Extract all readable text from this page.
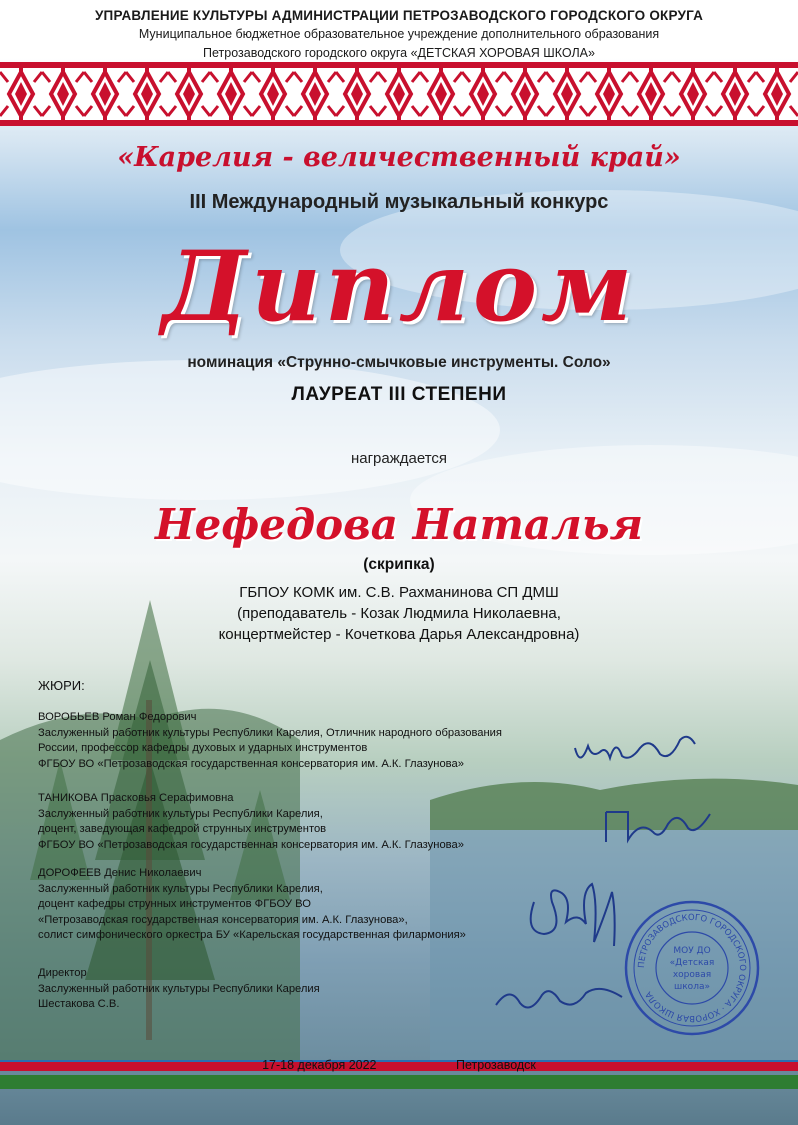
УПРАВЛЕНИЕ КУЛЬТУРЫ АДМИНИСТРАЦИИ ПЕТРОЗАВОДСКОГО ГОРОДСКОГО ОКРУГА
Муниципальное бюджетное образовательное учреждение дополнительного образования
Петрозаводского городского округа «ДЕТСКАЯ ХОРОВАЯ ШКОЛА»
«Карелия - величественный край»
III Международный музыкальный конкурс
Диплом
номинация «Струнно-смычковые инструменты. Соло»
ЛАУРЕАТ III СТЕПЕНИ
награждается
Нефедова Наталья
(скрипка)
ГБПОУ КОМК им. С.В. Рахманинова СП ДМШ
(преподаватель - Козак Людмила Николаевна,
концертмейстер - Кочеткова Дарья Александровна)
ЖЮРИ:
ВОРОБЬЕВ Роман Федорович
Заслуженный работник культуры Республики Карелия, Отличник народного образования
России, профессор кафедры духовых и ударных инструментов
ФГБОУ ВО «Петрозаводская государственная консерватория им. А.К. Глазунова»
ТАНИКОВА Прасковья Серафимовна
Заслуженный работник культуры Республики Карелия,
доцент, заведующая кафедрой струнных инструментов
ФГБОУ ВО «Петрозаводская государственная консерватория им. А.К. Глазунова»
ДОРОФЕЕВ Денис Николаевич
Заслуженный работник культуры Республики Карелия,
доцент кафедры струнных инструментов ФГБОУ ВО
«Петрозаводская государственная консерватория им. А.К. Глазунова»,
солист симфонического оркестра БУ «Карельская государственная филармония»
Директор
Заслуженный работник культуры Республики Карелия
Шестакова С.В.
ПЕТРОЗАВОДСКОГО ГОРОДСКОГО ОКРУГА · ХОРОВАЯ ШКОЛА
МОУ ДО
«Детская
хоровая
школа»
17-18 декабря 2022	Петрозаводск
